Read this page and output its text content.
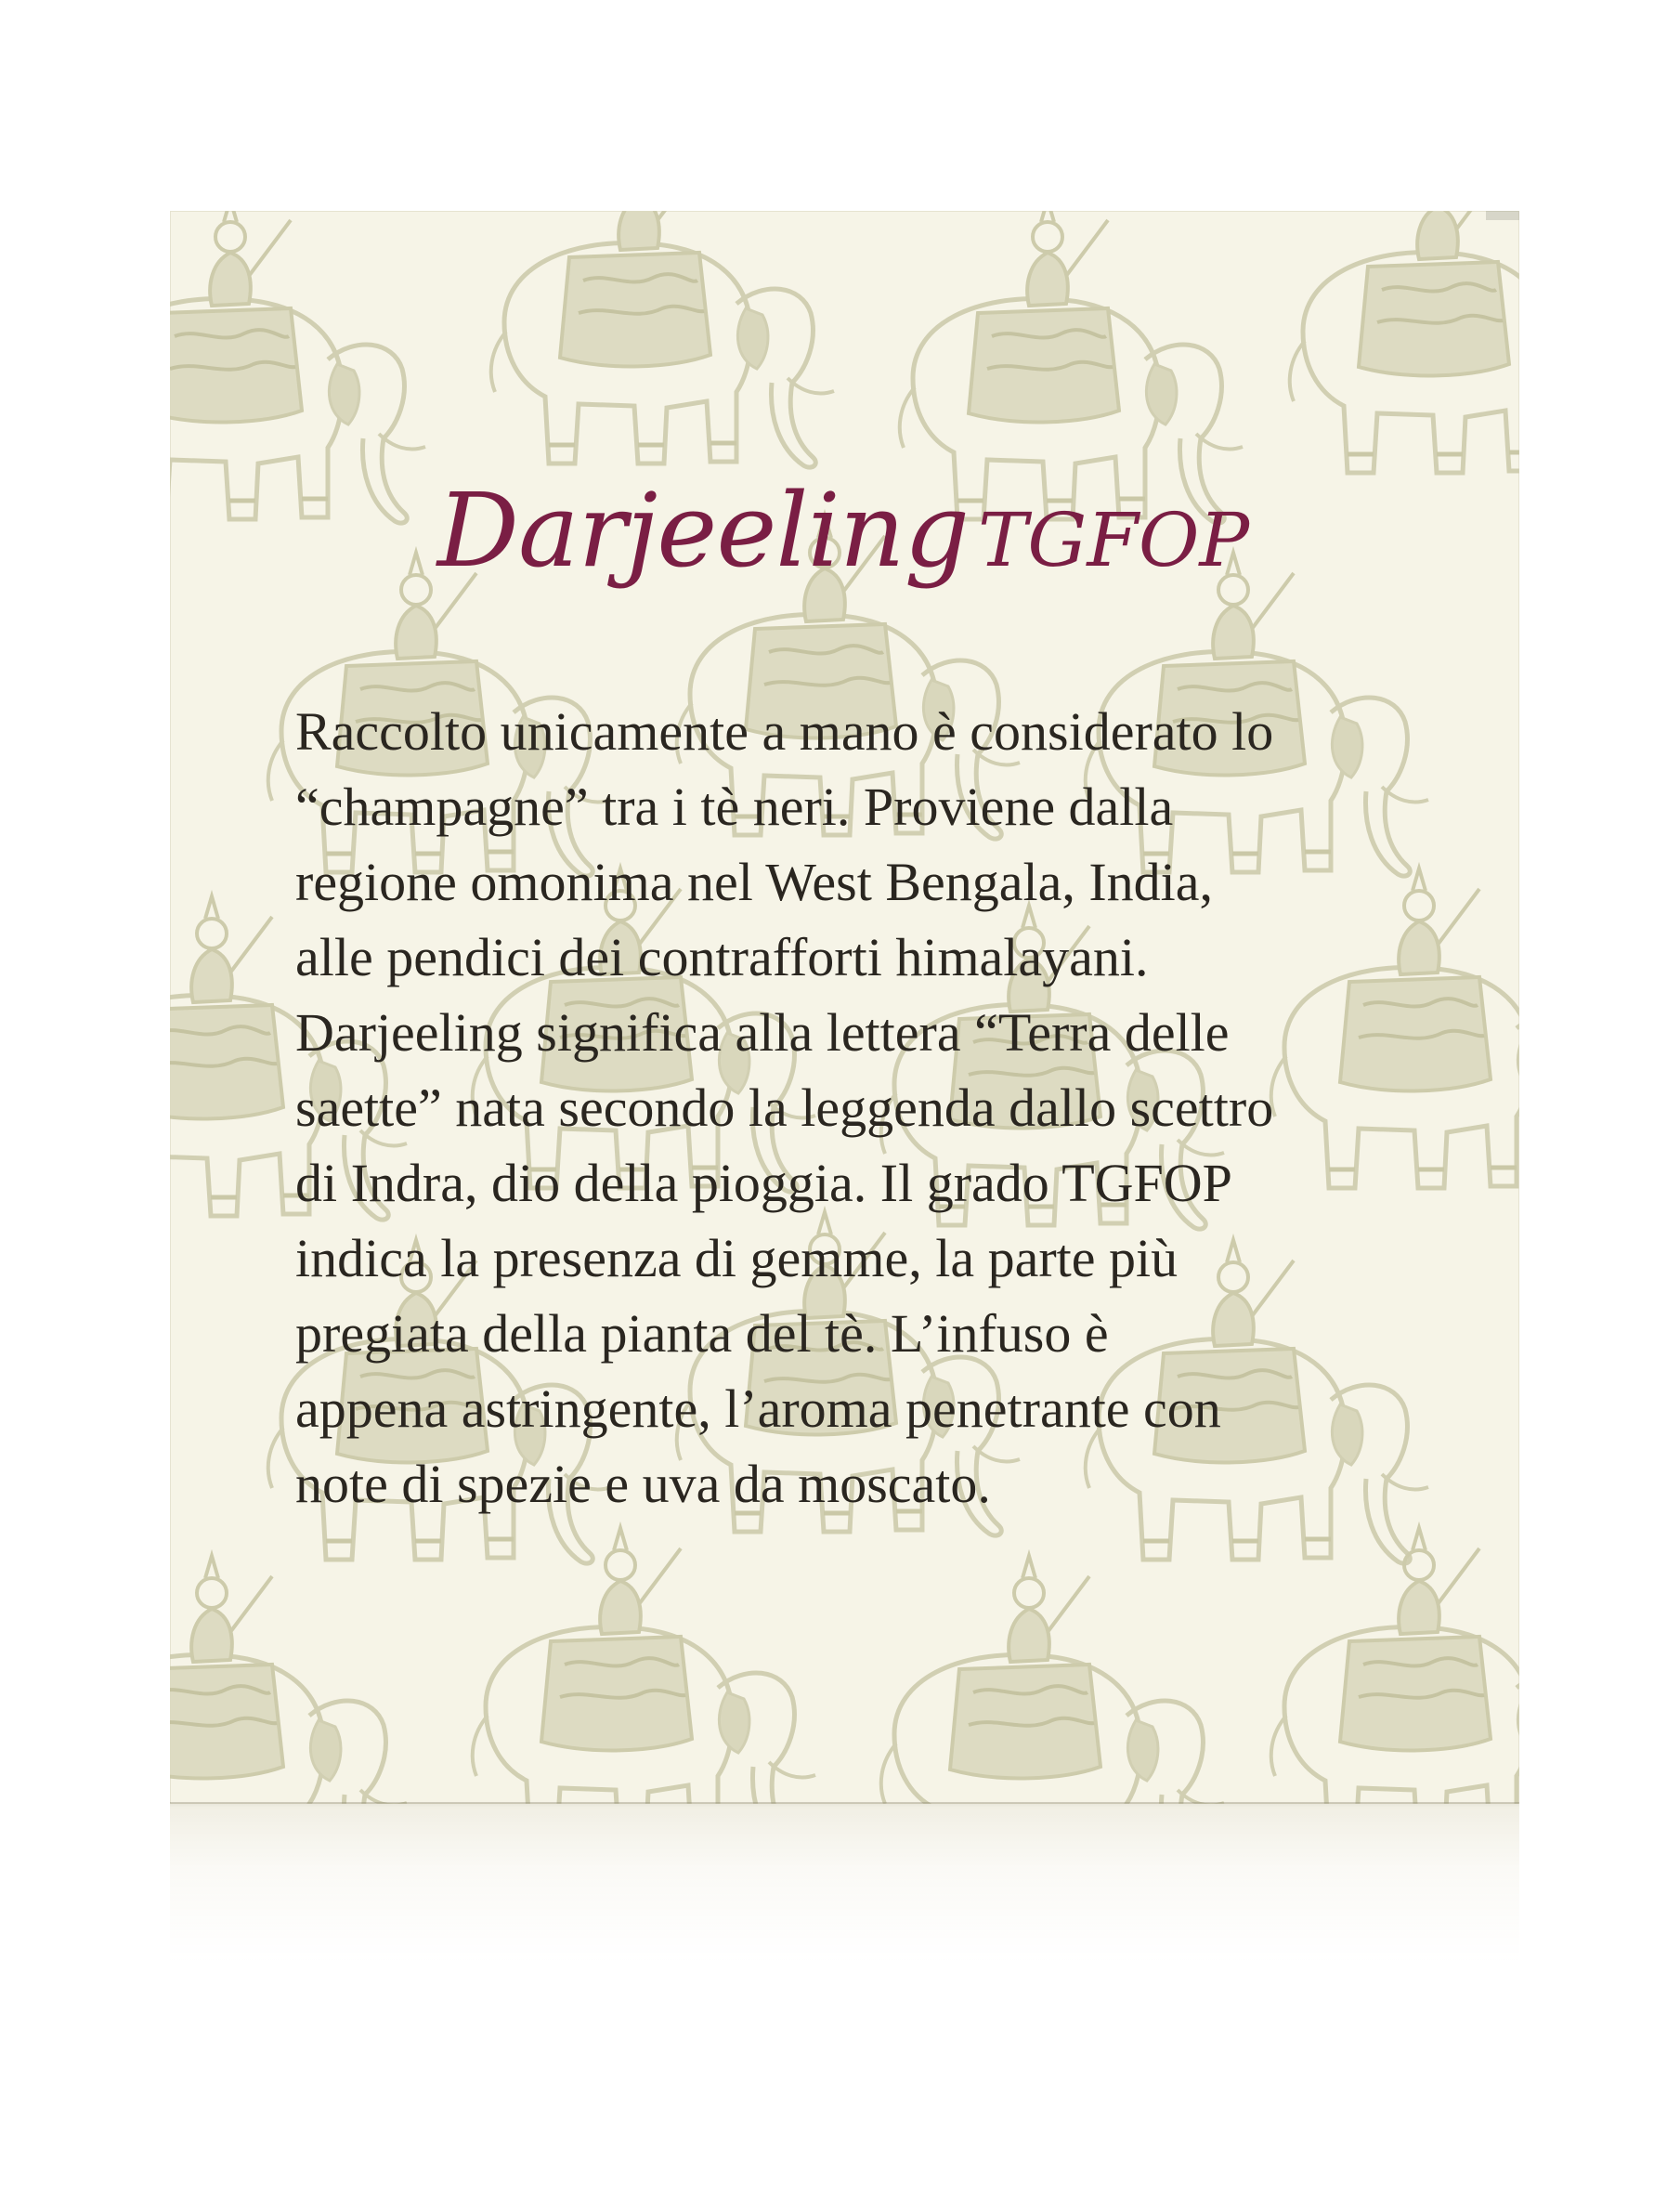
Darjeeling TGFOP
Raccolto unicamente a mano è considerato lo
“champagne” tra i tè neri. Proviene dalla
regione omonima nel West Bengala, India,
alle pendici dei contrafforti himalayani.
Darjeeling significa alla lettera “Terra delle
saette” nata secondo la leggenda dallo scettro
di Indra, dio della pioggia. Il grado TGFOP
indica la presenza di gemme, la parte più
pregiata della pianta del tè. L’infuso è
appena astringente, l’aroma penetrante con
note di spezie e uva da moscato.
